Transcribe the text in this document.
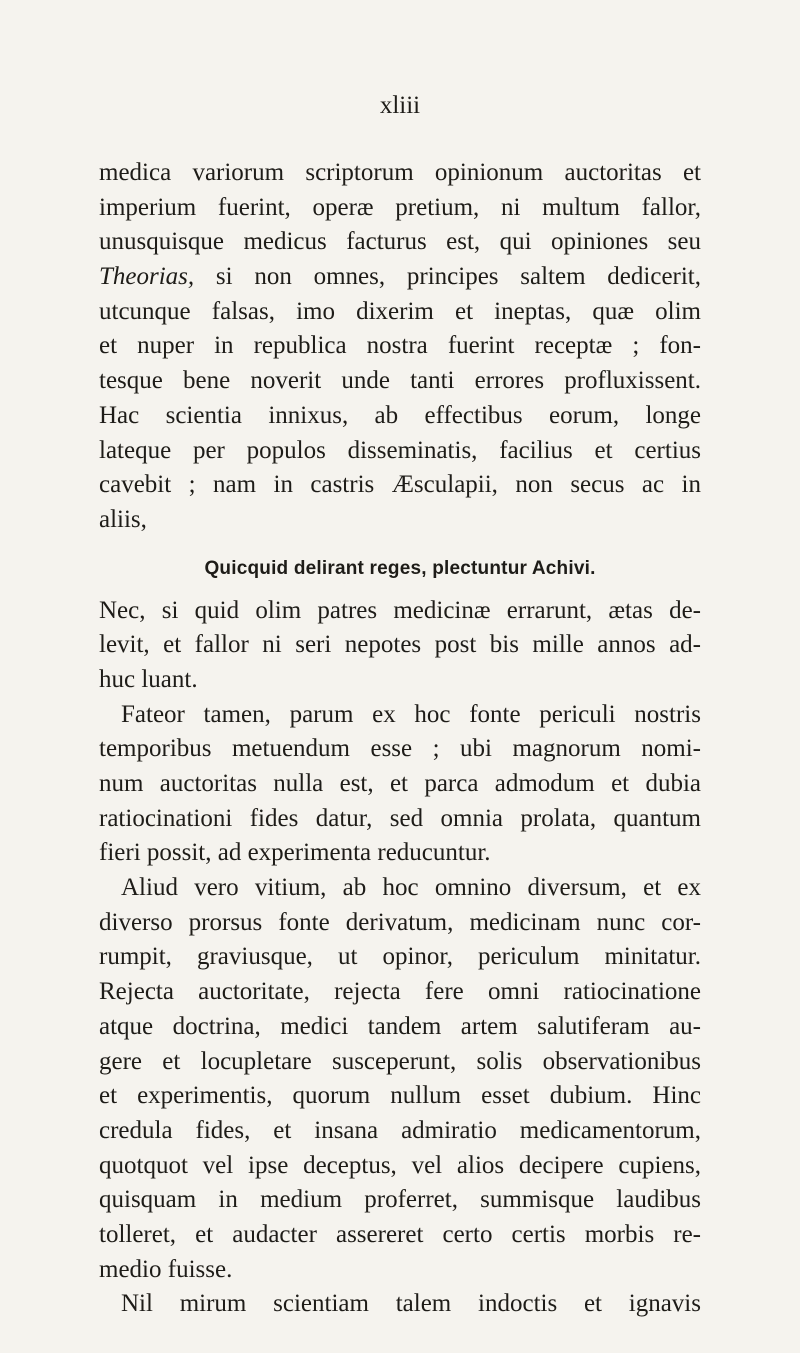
xliii
medica variorum scriptorum opinionum auctoritas et
imperium fuerint, operæ pretium, ni multum fallor,
unusquisque medicus facturus est, qui opiniones seu
Theorias, si non omnes, principes saltem dedicerit,
utcunque falsas, imo dixerim et ineptas, quæ olim
et nuper in republica nostra fuerint receptæ ; fon-
tesque bene noverit unde tanti errores profluxissent.
Hac scientia innixus, ab effectibus eorum, longe
lateque per populos disseminatis, facilius et certius
cavebit ; nam in castris Æsculapii, non secus ac in
aliis,
Quicquid delirant reges, plectuntur Achivi.
Nec, si quid olim patres medicinæ errarunt, ætas de-
levit, et fallor ni seri nepotes post bis mille annos ad-
huc luant.
Fateor tamen, parum ex hoc fonte periculi nostris
temporibus metuendum esse ; ubi magnorum nomi-
num auctoritas nulla est, et parca admodum et dubia
ratiocinationi fides datur, sed omnia prolata, quantum
fieri possit, ad experimenta reducuntur.
Aliud vero vitium, ab hoc omnino diversum, et ex
diverso prorsus fonte derivatum, medicinam nunc cor-
rumpit, graviusque, ut opinor, periculum minitatur.
Rejecta auctoritate, rejecta fere omni ratiocinatione
atque doctrina, medici tandem artem salutiferam au-
gere et locupletare susceperunt, solis observationibus
et experimentis, quorum nullum esset dubium. Hinc
credula fides, et insana admiratio medicamentorum,
quotquot vel ipse deceptus, vel alios decipere cupiens,
quisquam in medium proferret, summisque laudibus
tolleret, et audacter assereret certo certis morbis re-
medio fuisse.
Nil mirum scientiam talem indoctis et ignavis
